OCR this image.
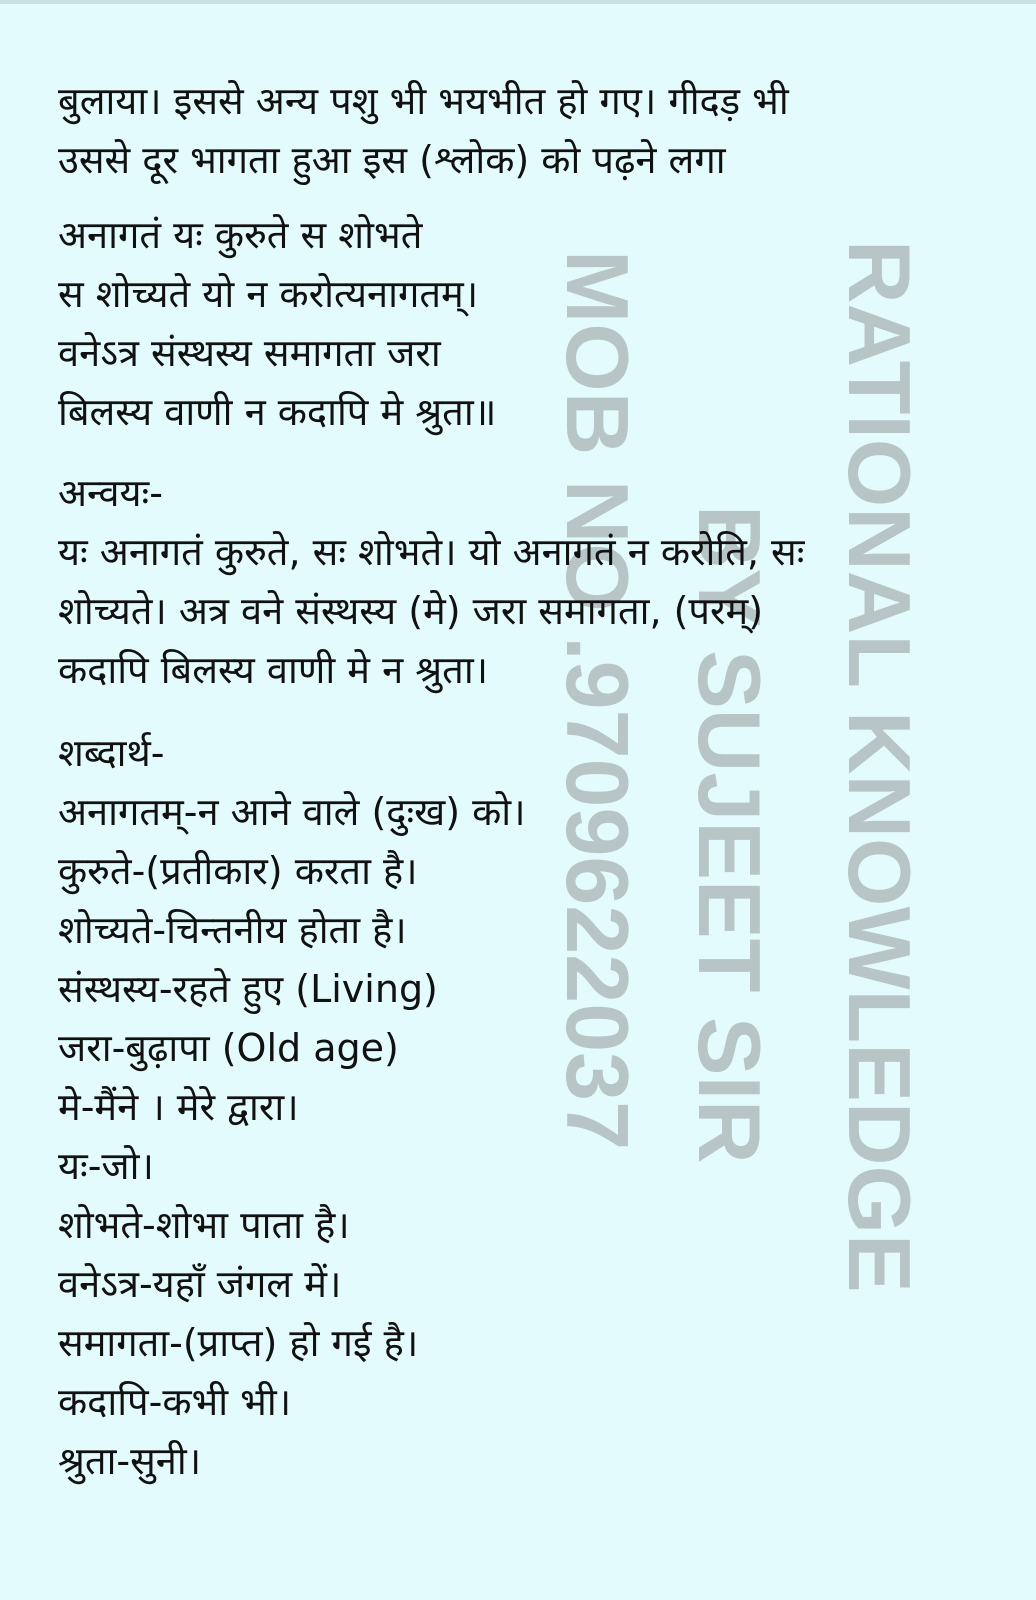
RATIONAL KNOWLEDGE
BY SUJEET SIR
MOB NO .9709622037
बुलाया। इससे अन्य पशु भी भयभीत हो गए। गीदड़ भी
उससे दूर भागता हुआ इस (श्लोक) को पढ़ने लगा
अनागतं यः कुरुते स शोभते
स शोच्यते यो न करोत्यनागतम्।
वनेऽत्र संस्थस्य समागता जरा
बिलस्य वाणी न कदापि मे श्रुता॥
अन्वयः-
यः अनागतं कुरुते, सः शोभते। यो अनागतं न करोति, सः
शोच्यते। अत्र वने संस्थस्य (मे) जरा समागता, (परम्)
कदापि बिलस्य वाणी मे न श्रुता।
शब्दार्थ-
अनागतम्-न आने वाले (दुःख) को।
कुरुते-(प्रतीकार) करता है।
शोच्यते-चिन्तनीय होता है।
संस्थस्य-रहते हुए (Living)
जरा-बुढ़ापा (Old age)
मे-मैंने । मेरे द्वारा।
यः-जो।
शोभते-शोभा पाता है।
वनेऽत्र-यहाँ जंगल में।
समागता-(प्राप्त) हो गई है।
कदापि-कभी भी।
श्रुता-सुनी।
